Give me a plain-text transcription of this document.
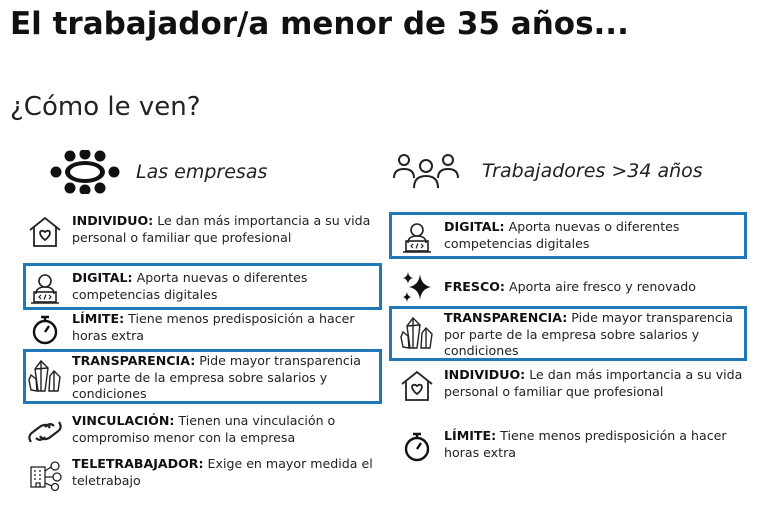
El trabajador/a menor de 35 años...
¿Cómo le ven?
Las empresas	Trabajadores >34 años
INDIVIDUO: Le dan más importancia a su vida personal o familiar que profesional
DIGITAL: Aporta nuevas o diferentes competencias digitales
LÍMITE: Tiene menos predisposición a hacer horas extra
TRANSPARENCIA: Pide mayor transparencia por parte de la empresa sobre salarios y condiciones
VINCULACIÓN: Tienen una vinculación o compromiso menor con la empresa
TELETRABAJADOR: Exige en mayor medida el teletrabajo
DIGITAL: Aporta nuevas o diferentes competencias digitales
FRESCO: Aporta aire fresco y renovado
TRANSPARENCIA: Pide mayor transparencia por parte de la empresa sobre salarios y condiciones
INDIVIDUO: Le dan más importancia a su vida personal o familiar que profesional
LÍMITE: Tiene menos predisposición a hacer horas extra
